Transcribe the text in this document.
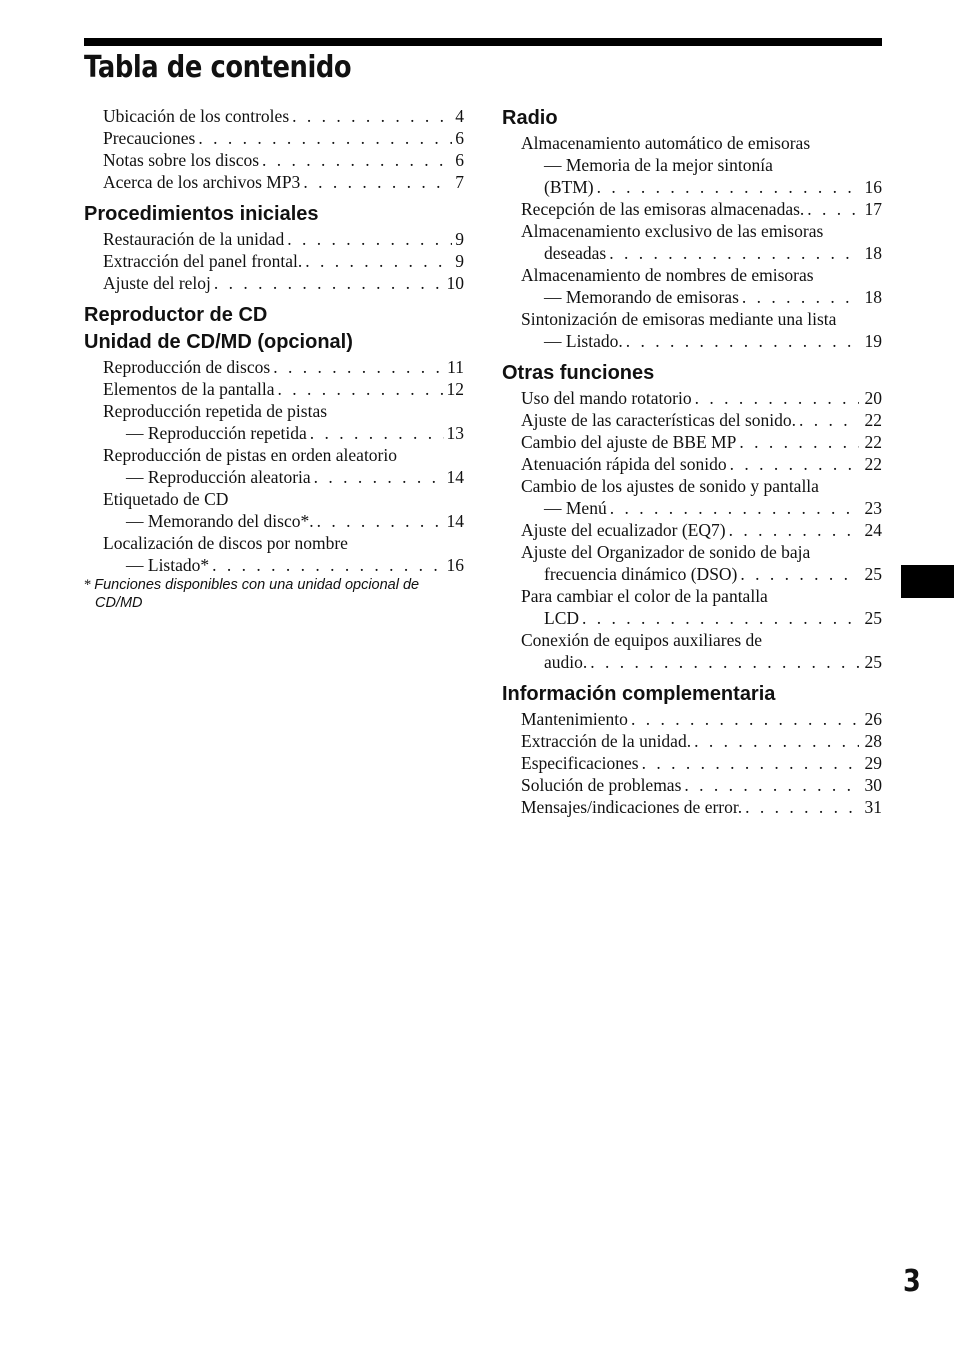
Tabla de contenido
Ubicación de los controles . . .	4
Precauciones . . .	6
Notas sobre los discos . . .	6
Acerca de los archivos MP3 . . .	7
Procedimientos iniciales
Restauración de la unidad . . .	9
Extracción del panel frontal. . . .	9
Ajuste del reloj . . .	10
Reproductor de CD
Unidad de CD/MD (opcional)
Reproducción de discos . . .	11
Elementos de la pantalla . . .	12
Reproducción repetida de pistas
— Reproducción repetida . . .	13
Reproducción de pistas en orden aleatorio
— Reproducción aleatoria . . .	14
Etiquetado de CD
— Memorando del disco*. . . .	14
Localización de discos por nombre
— Listado* . . .	16

* Funciones disponibles con una unidad opcional de
CD/MD

Radio
Almacenamiento automático de emisoras
— Memoria de la mejor sintonía
(BTM) . . .	16
Recepción de las emisoras almacenadas. . . .	17
Almacenamiento exclusivo de las emisoras
deseadas . . .	18
Almacenamiento de nombres de emisoras
— Memorando de emisoras . . .	18
Sintonización de emisoras mediante una lista
— Listado. . . .	19
Otras funciones
Uso del mando rotatorio . . .	20
Ajuste de las características del sonido. . . .	22
Cambio del ajuste de BBE MP . . .	22
Atenuación rápida del sonido . . .	22
Cambio de los ajustes de sonido y pantalla
— Menú . . .	23
Ajuste del ecualizador (EQ7) . . .	24
Ajuste del Organizador de sonido de baja
frecuencia dinámico (DSO) . . .	25
Para cambiar el color de la pantalla
LCD . . .	25
Conexión de equipos auxiliares de
audio. . . .	25
Información complementaria
Mantenimiento . . .	26
Extracción de la unidad. . . .	28
Especificaciones . . .	29
Solución de problemas . . .	30
Mensajes/indicaciones de error. . . .	31
3
